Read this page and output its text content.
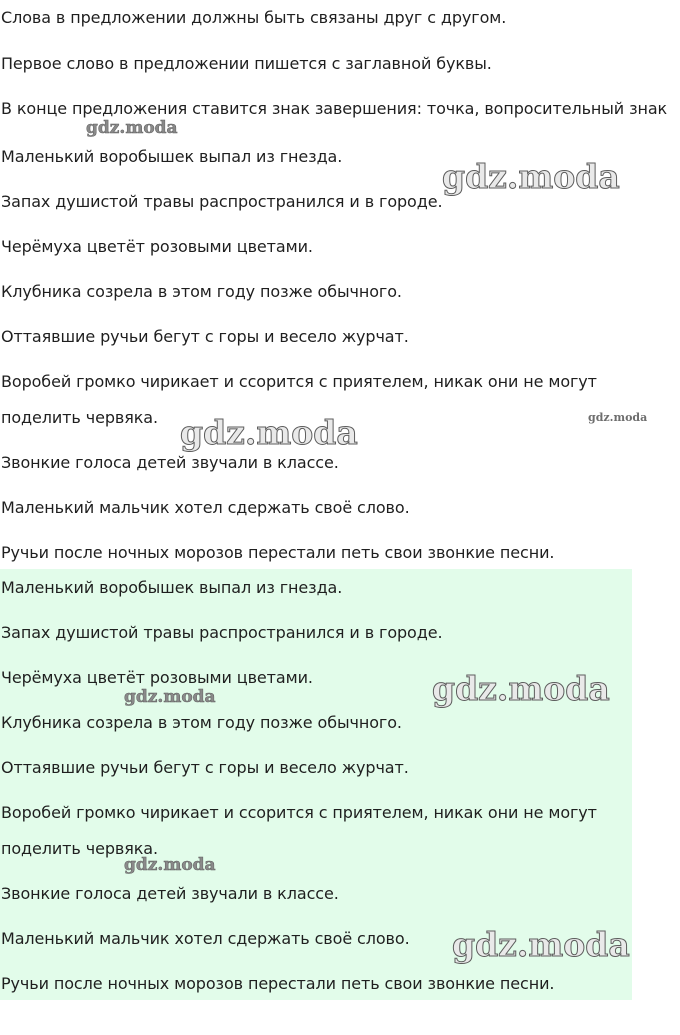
Слова в предложении должны быть связаны друг с другом.
Первое слово в предложении пишется с заглавной буквы.
В конце предложения ставится знак завершения: точка, вопросительный знак
Маленький воробышек выпал из гнезда.
Запах душистой травы распространился и в городе.
Черёмуха цветёт розовыми цветами.
Клубника созрела в этом году позже обычного.
Оттаявшие ручьи бегут с горы и весело журчат.
Воробей громко чирикает и ссорится с приятелем, никак они не могут
поделить червяка.
Звонкие голоса детей звучали в классе.
Маленький мальчик хотел сдержать своё слово.
Ручьи после ночных морозов перестали петь свои звонкие песни.
Маленький воробышек выпал из гнезда.
Запах душистой травы распространился и в городе.
Черёмуха цветёт розовыми цветами.
Клубника созрела в этом году позже обычного.
Оттаявшие ручьи бегут с горы и весело журчат.
Воробей громко чирикает и ссорится с приятелем, никак они не могут
поделить червяка.
Звонкие голоса детей звучали в классе.
Маленький мальчик хотел сдержать своё слово.
Ручьи после ночных морозов перестали петь свои звонкие песни.
gdz.moda
gdz.moda
gdz.moda	gdz.moda
gdz.moda	gdz.moda
gdz.moda
gdz.moda
